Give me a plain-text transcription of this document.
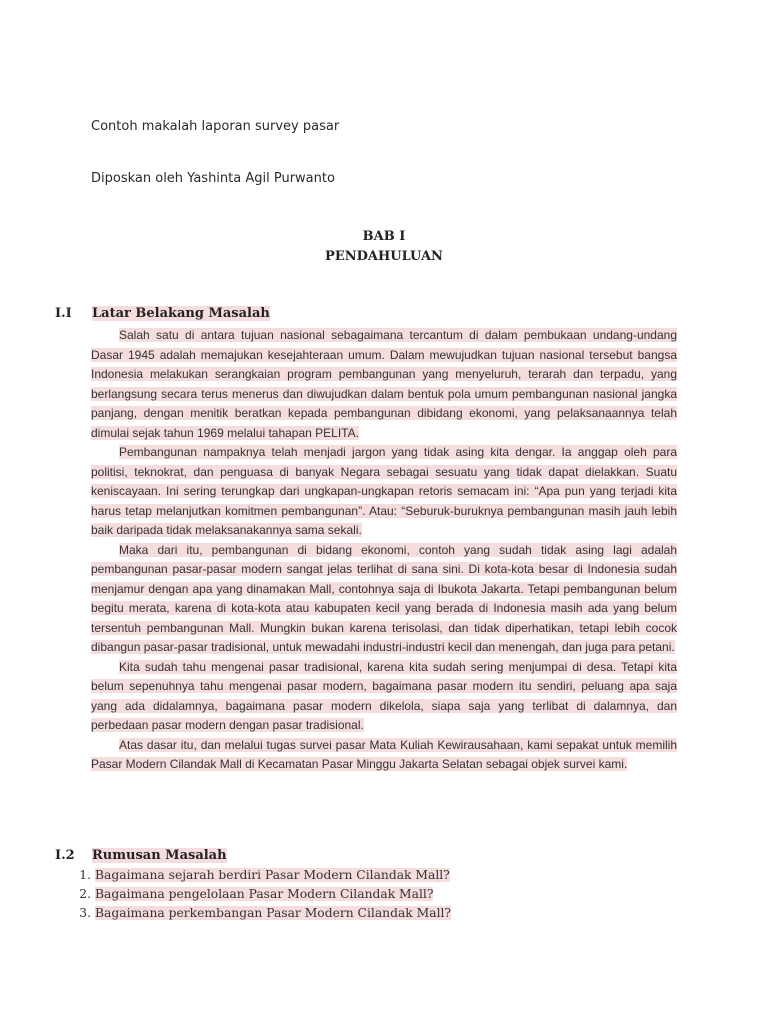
Contoh makalah laporan survey pasar
Diposkan oleh Yashinta Agil Purwanto
BAB I
PENDAHULUAN
I.I Latar Belakang Masalah

Salah satu di antara tujuan nasional sebagaimana tercantum di dalam pembukaan undang-undang Dasar 1945 adalah memajukan kesejahteraan umum. Dalam mewujudkan tujuan nasional tersebut bangsa Indonesia melakukan serangkaian program pembangunan yang menyeluruh, terarah dan terpadu, yang berlangsung secara terus menerus dan diwujudkan dalam bentuk pola umum pembangunan nasional jangka panjang, dengan menitik beratkan kepada pembangunan dibidang ekonomi, yang pelaksanaannya telah dimulai sejak tahun 1969 melalui tahapan PELITA.

Pembangunan nampaknya telah menjadi jargon yang tidak asing kita dengar. Ia anggap oleh para politisi, teknokrat, dan penguasa di banyak Negara sebagai sesuatu yang tidak dapat dielakkan. Suatu keniscayaan. Ini sering terungkap dari ungkapan-ungkapan retoris semacam ini: “Apa pun yang terjadi kita harus tetap melanjutkan komitmen pembangunan”. Atau: “Seburuk-buruknya pembangunan masih jauh lebih baik daripada tidak melaksanakannya sama sekali.

Maka dari itu, pembangunan di bidang ekonomi, contoh yang sudah tidak asing lagi adalah pembangunan pasar-pasar modern sangat jelas terlihat di sana sini. Di kota-kota besar di Indonesia sudah menjamur dengan apa yang dinamakan Mall, contohnya saja di Ibukota Jakarta. Tetapi pembangunan belum begitu merata, karena di kota-kota atau kabupaten kecil yang berada di Indonesia masih ada yang belum tersentuh pembangunan Mall. Mungkin bukan karena terisolasi, dan tidak diperhatikan, tetapi lebih cocok dibangun pasar-pasar tradisional, untuk mewadahi industri-industri kecil dan menengah, dan juga para petani.

Kita sudah tahu mengenai pasar tradisional, karena kita sudah sering menjumpai di desa. Tetapi kita belum sepenuhnya tahu mengenai pasar modern, bagaimana pasar modern itu sendiri, peluang apa saja yang ada didalamnya, bagaimana pasar modern dikelola, siapa saja yang terlibat di dalamnya, dan perbedaan pasar modern dengan pasar tradisional.

Atas dasar itu, dan melalui tugas survei pasar Mata Kuliah Kewirausahaan, kami sepakat untuk memilih Pasar Modern Cilandak Mall di Kecamatan Pasar Minggu Jakarta Selatan sebagai objek survei kami.

I.2 Rumusan Masalah
1. Bagaimana sejarah berdiri Pasar Modern Cilandak Mall?
2. Bagaimana pengelolaan Pasar Modern Cilandak Mall?
3. Bagaimana perkembangan Pasar Modern Cilandak Mall?
